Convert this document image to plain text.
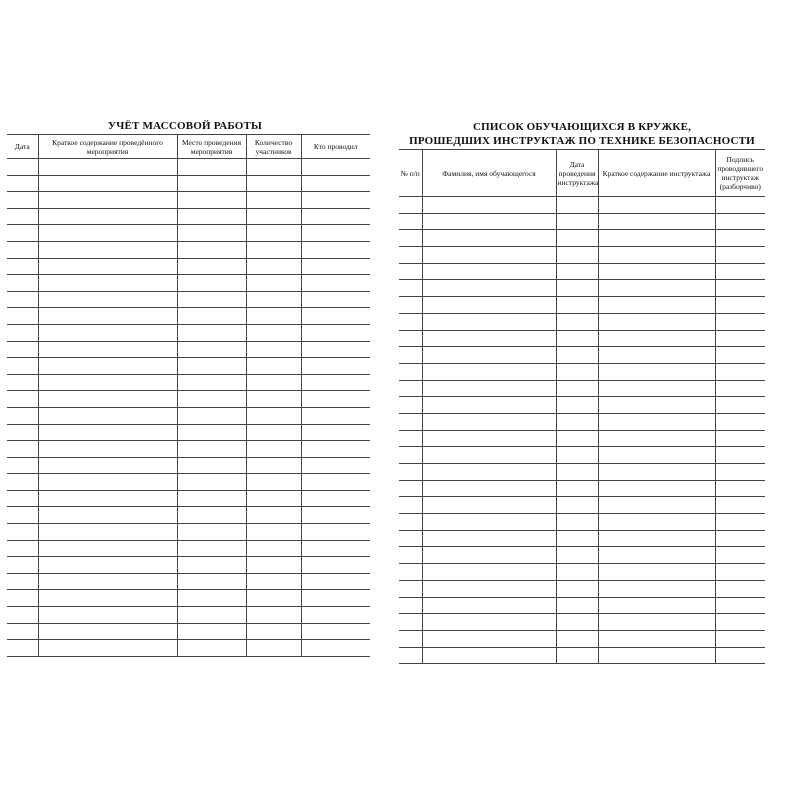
УЧЁТ МАССОВОЙ РАБОТЫ
Дата	Краткое содержание проведённого мероприятия	Место проведения мероприятия	Количество участников	Кто проводил

СПИСОК ОБУЧАЮЩИХСЯ В КРУЖКЕ,
ПРОШЕДШИХ ИНСТРУКТАЖ ПО ТЕХНИКЕ БЕЗОПАСНОСТИ
№ п/п	Фамилия, имя обучающегося	Дата проведения инструктажа	Краткое содержание инструктажа	Подпись проводившего инструктаж (разборчиво)
